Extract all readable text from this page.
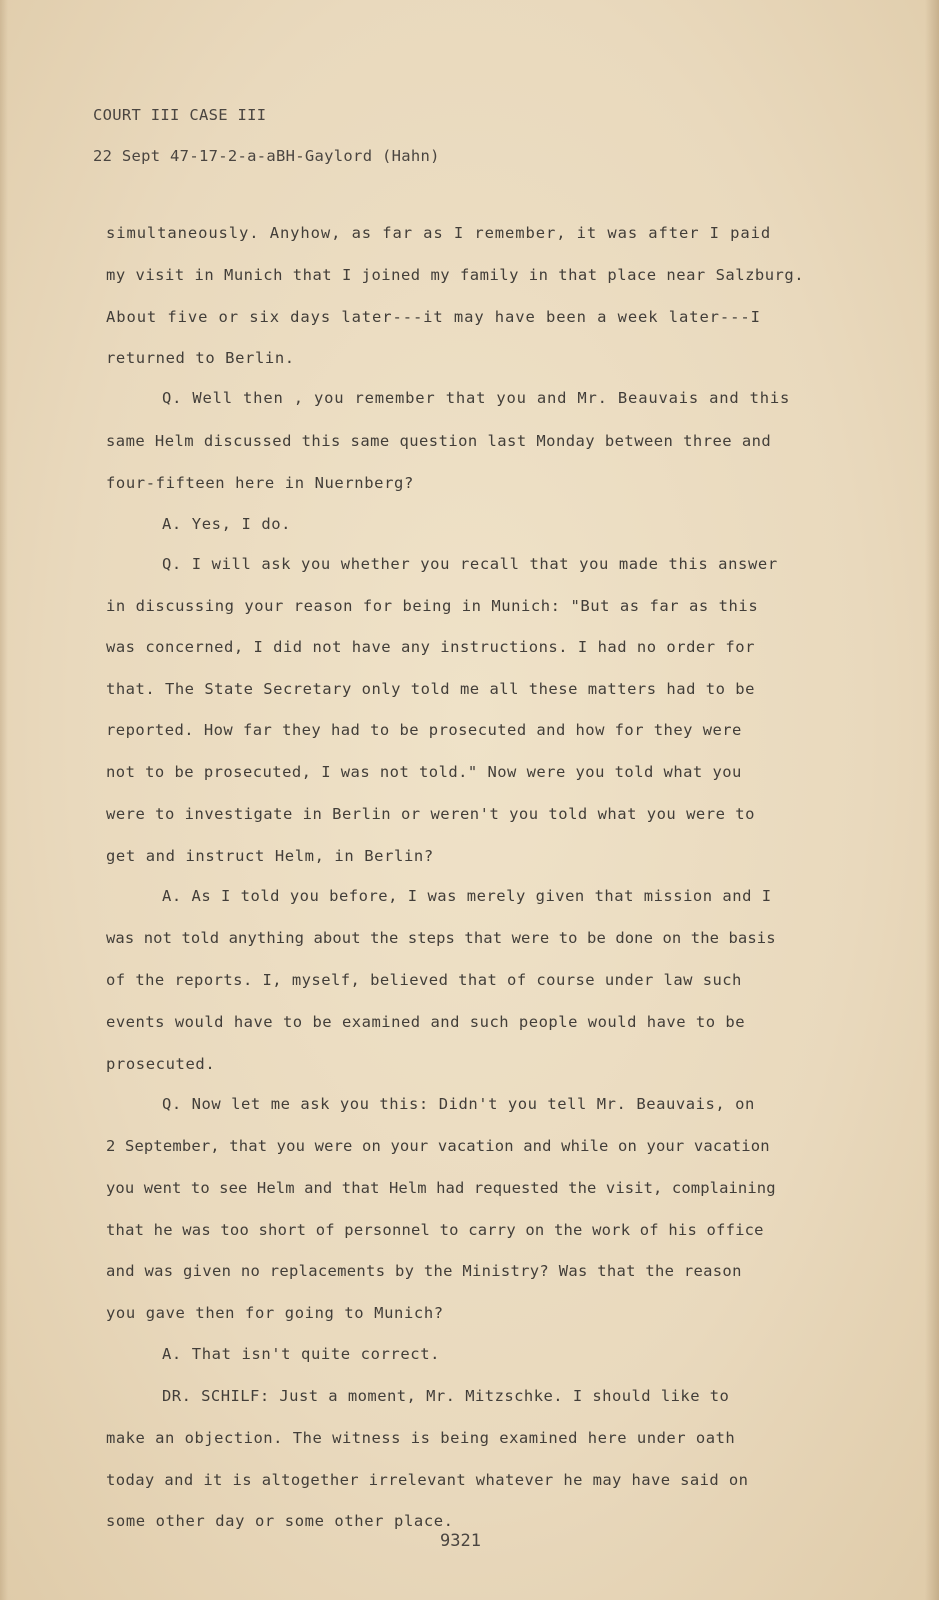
COURT III CASE III
22 Sept 47-17-2-a-aBH-Gaylord (Hahn)
simultaneously. Anyhow, as far as I remember, it was after I paid
my visit in Munich that I joined my family in that place near Salzburg.
About five or six days later---it may have been a week later---I
returned to Berlin.
Q. Well then , you remember that you and Mr. Beauvais and this
same Helm discussed this same question last Monday between three and
four-fifteen here in Nuernberg?
A. Yes, I do.
Q. I will ask you whether you recall that you made this answer
in discussing your reason for being in Munich: "But as far as this
was concerned, I did not have any instructions. I had no order for
that. The State Secretary only told me all these matters had to be
reported. How far they had to be prosecuted and how for they were
not to be prosecuted, I was not told." Now were you told what you
were to investigate in Berlin or weren't you told what you were to
get and instruct Helm, in Berlin?
A. As I told you before, I was merely given that mission and I
was not told anything about the steps that were to be done on the basis
of the reports. I, myself, believed that of course under law such
events would have to be examined and such people would have to be
prosecuted.
Q. Now let me ask you this: Didn't you tell Mr. Beauvais, on
2 September, that you were on your vacation and while on your vacation
you went to see Helm and that Helm had requested the visit, complaining
that he was too short of personnel to carry on the work of his office
and was given no replacements by the Ministry? Was that the reason
you gave then for going to Munich?
A. That isn't quite correct.
DR. SCHILF: Just a moment, Mr. Mitzschke. I should like to
make an objection. The witness is being examined here under oath
today and it is altogether irrelevant whatever he may have said on
some other day or some other place.
9321
